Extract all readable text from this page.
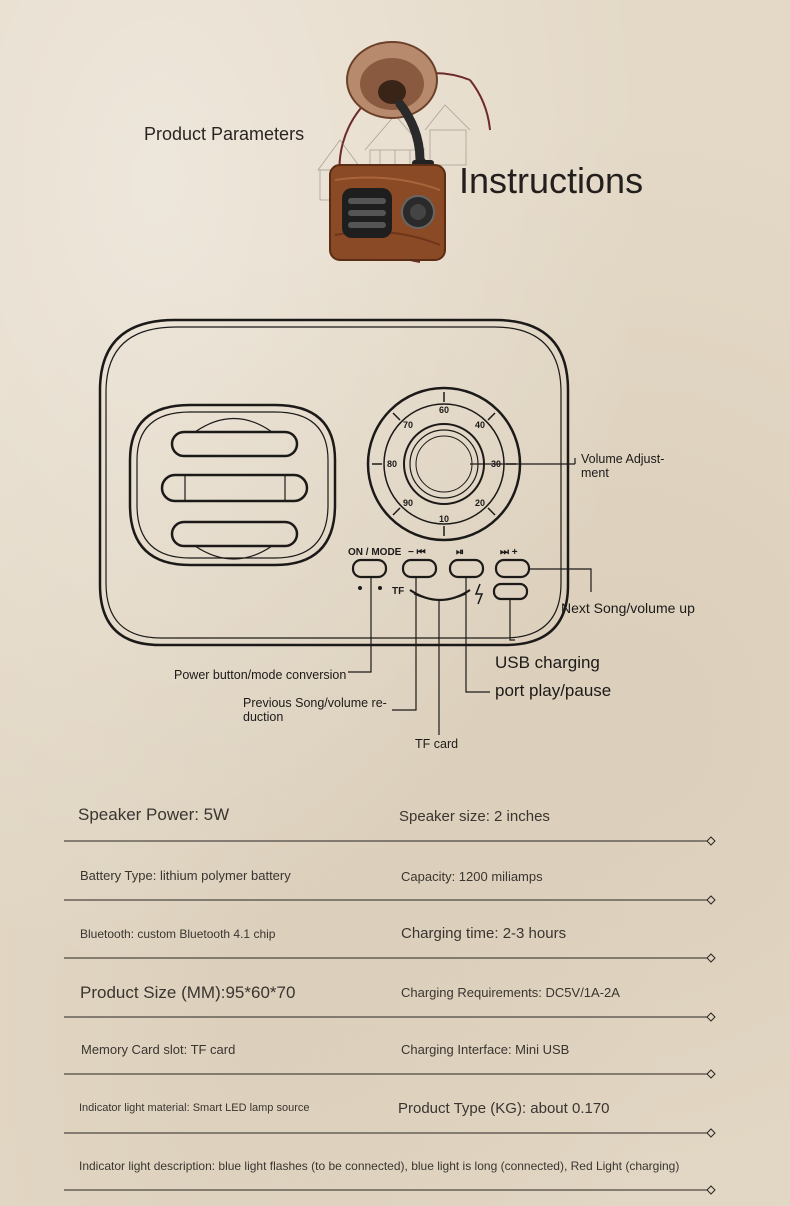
Product Parameters
Instructions
60
40
30
20
10
90
80
70
ON / MODE − ⏮	⏯	⏭ +
TF
Volume Adjust-
ment
Next Song/volume up
USB charging
port play/pause
Power button/mode conversion
Previous Song/volume re-
duction
TF card
Speaker Power: 5W	Speaker size: 2 inches
Battery Type: lithium polymer battery	Capacity: 1200 miliamps
Bluetooth: custom Bluetooth 4.1 chip	Charging time: 2-3 hours
Product Size (MM):95*60*70	Charging Requirements: DC5V/1A-2A
Memory Card slot: TF card	Charging Interface: Mini USB
Indicator light material: Smart LED lamp source	Product Type (KG): about 0.170
Indicator light description: blue light flashes (to be connected), blue light is long (connected), Red Light (charging)
